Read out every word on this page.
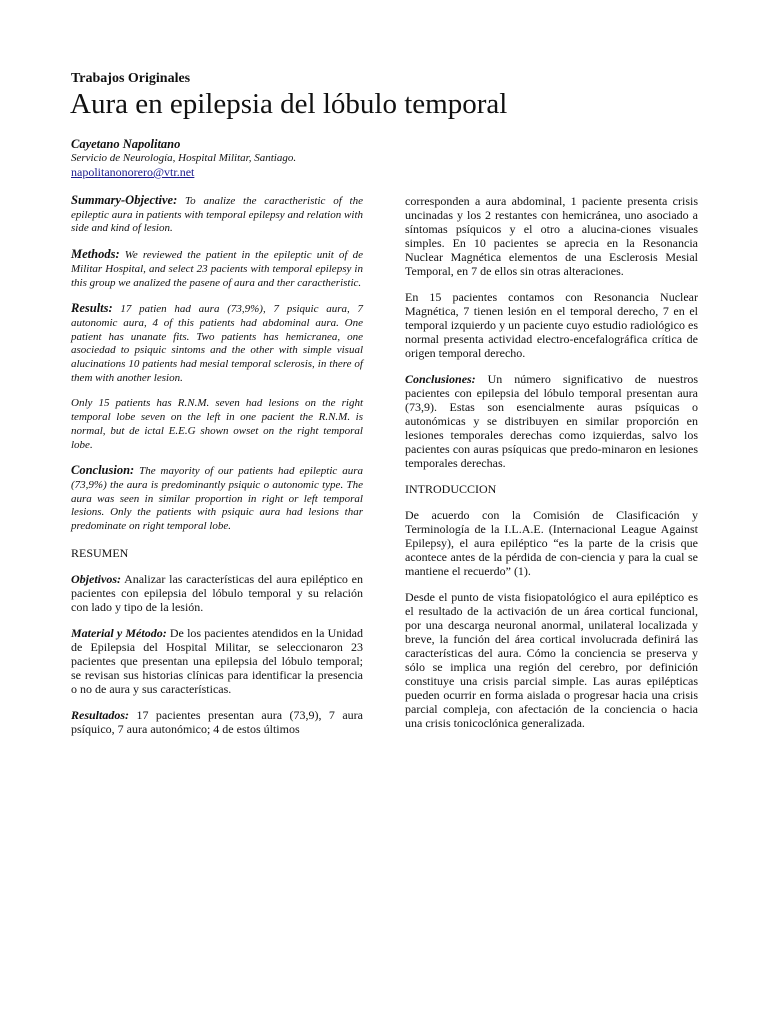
Trabajos Originales
Aura en epilepsia del lóbulo temporal
Cayetano Napolitano
Servicio de Neurología, Hospital Militar, Santiago.
napolitanonorero@vtr.net

Summary-Objective: To analize the caractheristic of the epileptic aura in patients with temporal epilepsy and relation with side and kind of lesion.

Methods: We reviewed the patient in the epileptic unit of de Militar Hospital, and select 23 pacients with temporal epilepsy in this group we analized the pasene of aura and ther caractheristic.

Results: 17 patien had aura (73,9%), 7 psiquic aura, 7 autonomic aura, 4 of this patients had abdominal aura. One patient has unanate fits. Two patients has hemicranea, one asociedad to psiquic sintoms and the other with simple visual alucinations 10 patients had mesial temporal sclerosis, in there of them with another lesion.

Only 15 patients has R.N.M. seven had lesions on the right temporal lobe seven on the left in one pacient the R.N.M. is normal, but de ictal E.E.G shown owset on the right temporal lobe.

Conclusion: The mayority of our patients had epileptic aura (73,9%) the aura is predominantly psiquic o autonomic type. The aura was seen in similar proportion in right or left temporal lesions. Only the patients with psiquic aura had lesions thar predominate on right temporal lobe.

RESUMEN

Objetivos: Analizar las características del aura epiléptico en pacientes con epilepsia del lóbulo temporal y su relación con lado y tipo de la lesión.

Material y Método: De los pacientes atendidos en la Unidad de Epilepsia del Hospital Militar, se seleccionaron 23 pacientes que presentan una epilepsia del lóbulo temporal; se revisan sus historias clínicas para identificar la presencia o no de aura y sus características.

Resultados: 17 pacientes presentan aura (73,9), 7 aura psíquico, 7 aura autonómico; 4 de estos últimos

corresponden a aura abdominal, 1 paciente presenta crisis uncinadas y los 2 restantes con hemicránea, uno asociado a síntomas psíquicos y el otro a alucina-ciones visuales simples. En 10 pacientes se aprecia en la Resonancia Nuclear Magnética elementos de una Esclerosis Mesial Temporal, en 7 de ellos sin otras alteraciones.

En 15 pacientes contamos con Resonancia Nuclear Magnética, 7 tienen lesión en el temporal derecho, 7 en el temporal izquierdo y un paciente cuyo estudio radiológico es normal presenta actividad electro-encefalográfica crítica de origen temporal derecho.

Conclusiones: Un número significativo de nuestros pacientes con epilepsia del lóbulo temporal presentan aura (73,9). Estas son esencialmente auras psíquicas o autonómicas y se distribuyen en similar proporción en lesiones temporales derechas como izquierdas, salvo los pacientes con auras psíquicas que predo-minaron en lesiones temporales derechas.

INTRODUCCION

De acuerdo con la Comisión de Clasificación y Terminología de la I.L.A.E. (Internacional League Against Epilepsy), el aura epiléptico “es la parte de la crisis que acontece antes de la pérdida de con-ciencia y para la cual se mantiene el recuerdo” (1).

Desde el punto de vista fisiopatológico el aura epiléptico es el resultado de la activación de un área cortical funcional, por una descarga neuronal anormal, unilateral localizada y breve, la función del área cortical involucrada definirá las características del aura. Cómo la conciencia se preserva y sólo se implica una región del cerebro, por definición constituye una crisis parcial simple. Las auras epilépticas pueden ocurrir en forma aislada o progresar hacia una crisis parcial compleja, con afectación de la conciencia o hacia una crisis tonicoclónica generalizada.
